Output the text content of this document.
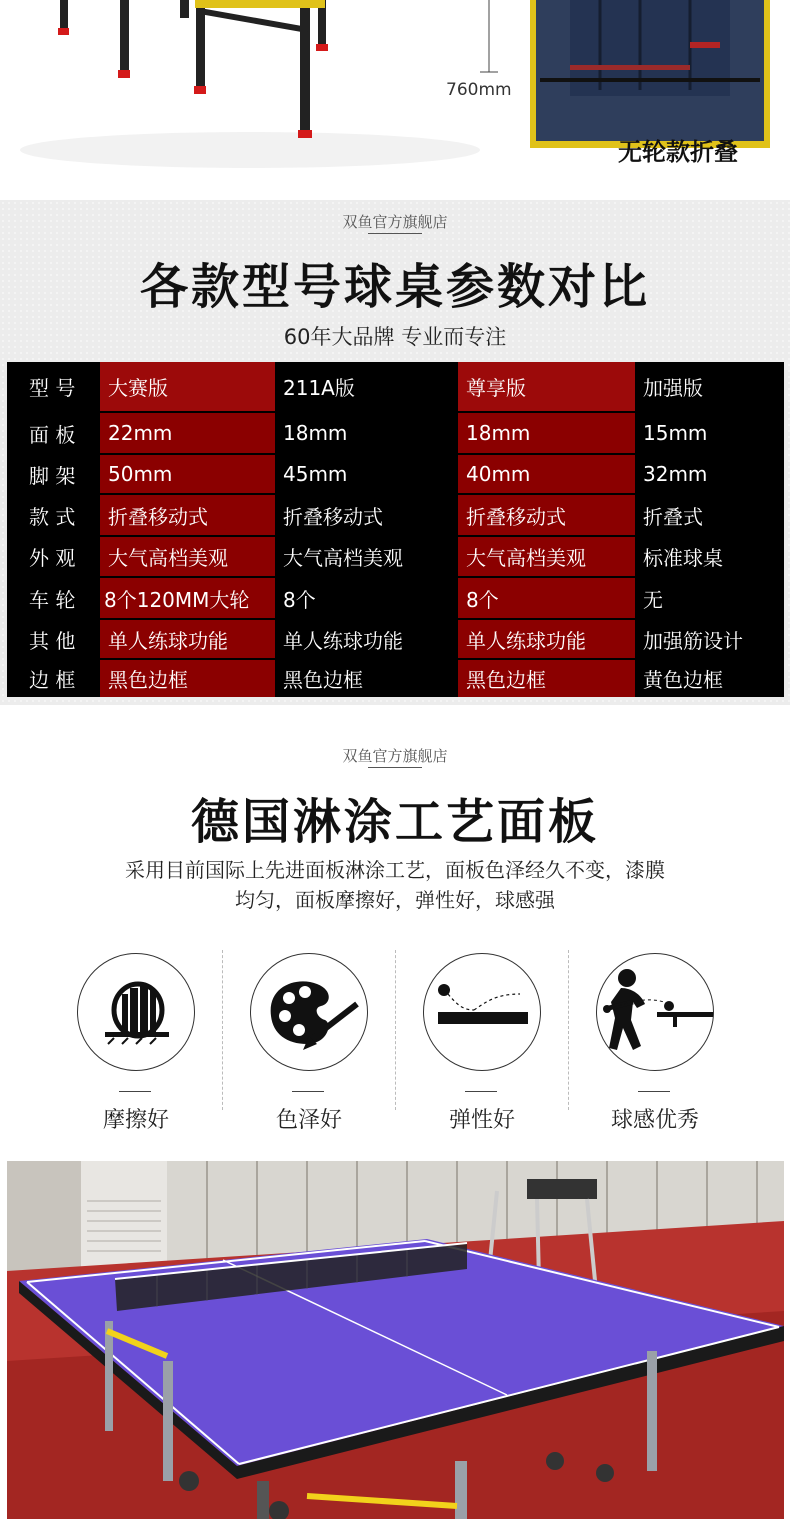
760mm
无轮款折叠
双鱼官方旗舰店
各款型号球桌参数对比
60年大品牌 专业而专注
型 号	大赛版	211A版	尊享版	加强版
面 板	22mm	18mm	18mm	15mm
脚 架	50mm	45mm	40mm	32mm
款 式	折叠移动式	折叠移动式	折叠移动式	折叠式
外 观	大气高档美观	大气高档美观	大气高档美观	标准球桌
车 轮	8个120MM大轮	8个	8个	无
其 他	单人练球功能	单人练球功能	单人练球功能	加强筋设计
边 框	黑色边框	黑色边框	黑色边框	黄色边框
双鱼官方旗舰店
德国淋涂工艺面板
采用目前国际上先进面板淋涂工艺，面板色泽经久不变，漆膜
均匀，面板摩擦好，弹性好，球感强
摩擦好	色泽好	弹性好	球感优秀
